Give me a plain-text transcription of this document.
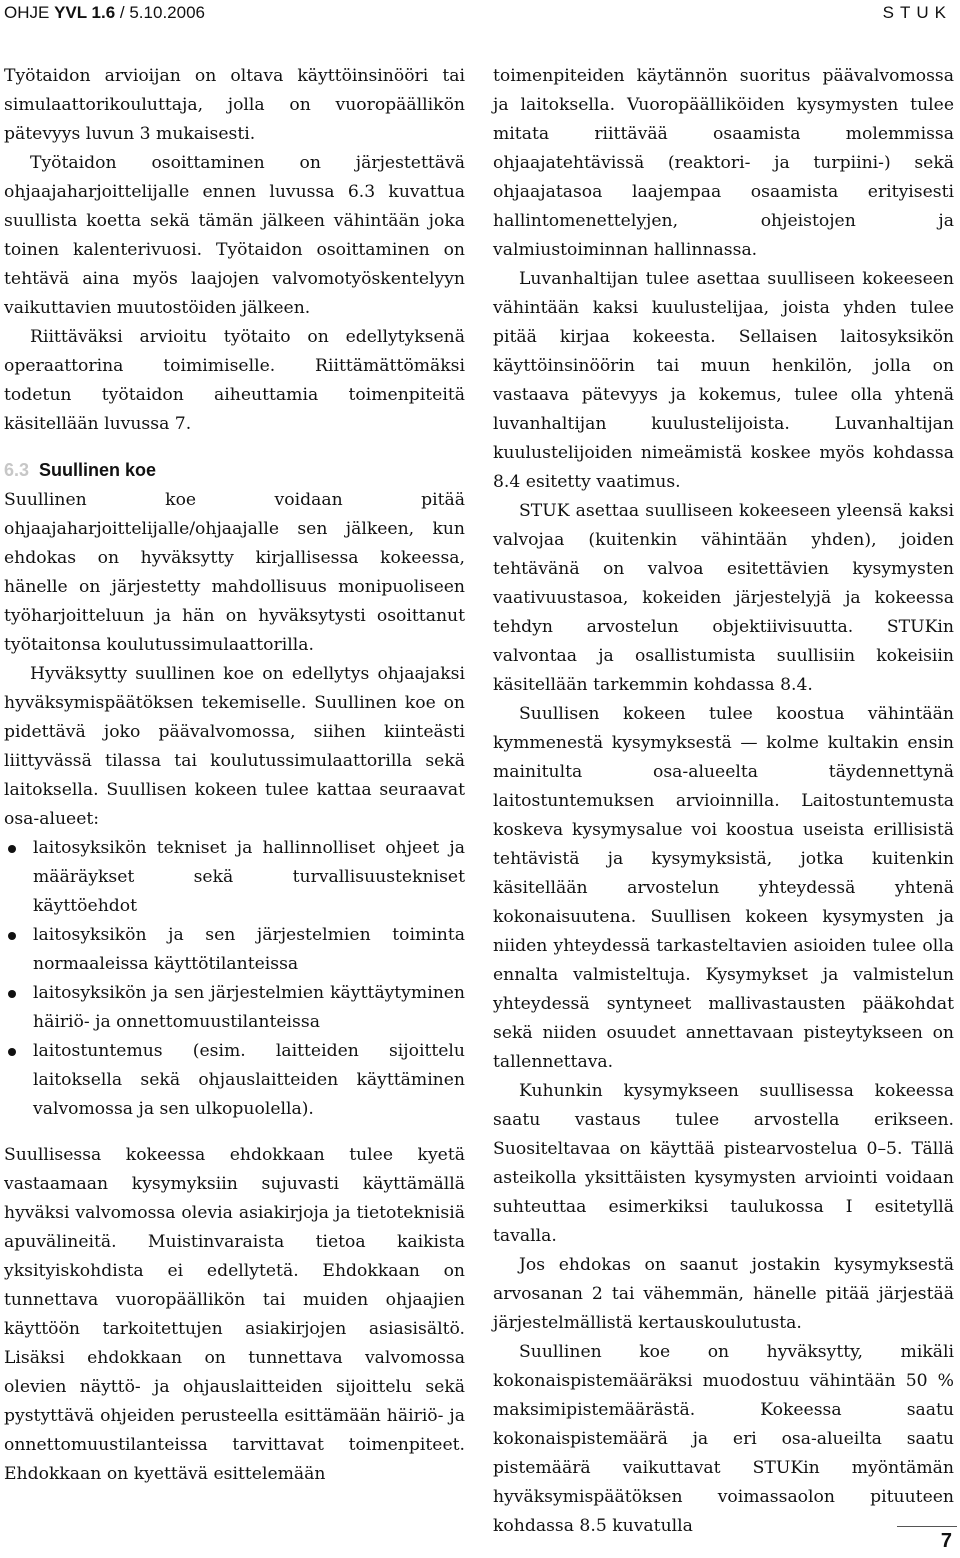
OHJE YVL 1.6 / 5.10.2006	STUK

Työtaidon arvioijan on oltava käyttöinsinööri tai simulaattorikouluttaja, jolla on vuoropäällikön pätevyys luvun 3 mukaisesti.

Työtaidon osoittaminen on järjestettävä ohjaajaharjoittelijalle ennen luvussa 6.3 kuvattua suullista koetta sekä tämän jälkeen vähintään joka toinen kalenterivuosi. Työtaidon osoittaminen on tehtävä aina myös laajojen valvomotyöskentelyyn vaikuttavien muutostöiden jälkeen.

Riittäväksi arvioitu työtaito on edellytyksenä operaattorina toimimiselle. Riittämättömäksi todetun työtaidon aiheuttamia toimenpiteitä käsitellään luvussa 7.

6.3 Suullinen koe

Suullinen koe voidaan pitää ohjaajaharjoittelijalle/ohjaajalle sen jälkeen, kun ehdokas on hyväksytty kirjallisessa kokeessa, hänelle on järjestetty mahdollisuus monipuoliseen työharjoitteluun ja hän on hyväksytysti osoittanut työtaitonsa koulutussimulaattorilla.

Hyväksytty suullinen koe on edellytys ohjaajaksi hyväksymispäätöksen tekemiselle. Suullinen koe on pidettävä joko päävalvomossa, siihen kiinteästi liittyvässä tilassa tai koulutussimulaattorilla sekä laitoksella. Suullisen kokeen tulee kattaa seuraavat osa-alueet:

laitosyksikön tekniset ja hallinnolliset ohjeet ja määräykset sekä turvallisuustekniset käyttöehdot
laitosyksikön ja sen järjestelmien toiminta normaaleissa käyttötilanteissa
laitosyksikön ja sen järjestelmien käyttäytyminen häiriö- ja onnettomuustilanteissa
laitostuntemus (esim. laitteiden sijoittelu laitoksella sekä ohjauslaitteiden käyttäminen valvomossa ja sen ulkopuolella).

Suullisessa kokeessa ehdokkaan tulee kyetä vastaamaan kysymyksiin sujuvasti käyttämällä hyväksi valvomossa olevia asiakirjoja ja tietoteknisiä apuvälineitä. Muistinvaraista tietoa kaikista yksityiskohdista ei edellytetä. Ehdokkaan on tunnettava vuoropäällikön tai muiden ohjaajien käyttöön tarkoitettujen asiakirjojen asiasisältö. Lisäksi ehdokkaan on tunnettava valvomossa olevien näyttö- ja ohjauslaitteiden sijoittelu sekä pystyttävä ohjeiden perusteella esittämään häiriö- ja onnettomuustilanteissa tarvittavat toimenpiteet. Ehdokkaan on kyettävä esittelemään

toimenpiteiden käytännön suoritus päävalvomossa ja laitoksella. Vuoropäälliköiden kysymysten tulee mitata riittävää osaamista molemmissa ohjaajatehtävissä (reaktori- ja turpiini-) sekä ohjaajatasoa laajempaa osaamista erityisesti hallintomenettelyjen, ohjeistojen ja valmiustoiminnan hallinnassa.

Luvanhaltijan tulee asettaa suulliseen kokeeseen vähintään kaksi kuulustelijaa, joista yhden tulee pitää kirjaa kokeesta. Sellaisen laitosyksikön käyttöinsinöörin tai muun henkilön, jolla on vastaava pätevyys ja kokemus, tulee olla yhtenä luvanhaltijan kuulustelijoista. Luvanhaltijan kuulustelijoiden nimeämistä koskee myös kohdassa 8.4 esitetty vaatimus.

STUK asettaa suulliseen kokeeseen yleensä kaksi valvojaa (kuitenkin vähintään yhden), joiden tehtävänä on valvoa esitettävien kysymysten vaativuustasoa, kokeiden järjestelyjä ja kokeessa tehdyn arvostelun objektiivisuutta. STUKin valvontaa ja osallistumista suullisiin kokeisiin käsitellään tarkemmin kohdassa 8.4.

Suullisen kokeen tulee koostua vähintään kymmenestä kysymyksestä — kolme kultakin ensin mainitulta osa-alueelta täydennettynä laitostuntemuksen arvioinnilla. Laitostuntemusta koskeva kysymysalue voi koostua useista erillisistä tehtävistä ja kysymyksistä, jotka kuitenkin käsitellään arvostelun yhteydessä yhtenä kokonaisuutena. Suullisen kokeen kysymysten ja niiden yhteydessä tarkasteltavien asioiden tulee olla ennalta valmisteltuja. Kysymykset ja valmistelun yhteydessä syntyneet mallivastausten pääkohdat sekä niiden osuudet annettavaan pisteytykseen on tallennettava.

Kuhunkin kysymykseen suullisessa kokeessa saatu vastaus tulee arvostella erikseen. Suositeltavaa on käyttää pistearvostelua 0–5. Tällä asteikolla yksittäisten kysymysten arviointi voidaan suhteuttaa esimerkiksi taulukossa I esitetyllä tavalla.

Jos ehdokas on saanut jostakin kysymyksestä arvosanan 2 tai vähemmän, hänelle pitää järjestää järjestelmällistä kertauskoulutusta.

Suullinen koe on hyväksytty, mikäli kokonaispistemääräksi muodostuu vähintään 50 % maksimipistemäärästä. Kokeessa saatu kokonaispistemäärä ja eri osa-alueilta saatu pistemäärä vaikuttavat STUKin myöntämän hyväksymispäätöksen voimassaolon pituuteen kohdassa 8.5 kuvatulla

7
